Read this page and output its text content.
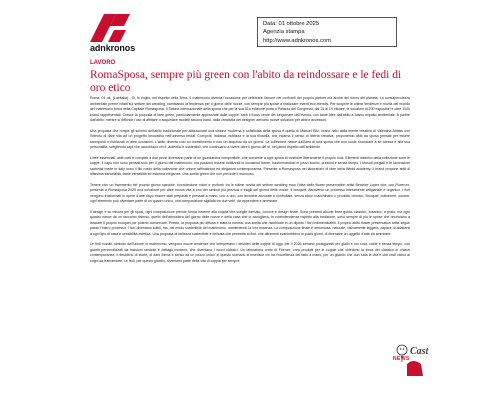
adnkronos
Data: 01 ottobre 2025
Agenzia stampa
http://www.adnkronos.com
LAVORO
RomaSposa, sempre più green con l'abito da reindossare e le fedi di oro etico

Roma, 01 ott. (Labitalia) - Si, lo voglio, nel rispetto della Terra. Il matrimonio diventa l'occasione per celebrare l'amore nei confronti del proprio partner ma anche del futuro del pianeta. La consapevolezza ambientale preme infatti sul settore del wedding, cambiando la tendenza per il giorno delle nozze, con sempre più spose a realizzare eventi eco-friendly. Per scoprire le ultime tendenze e novità del mondo del matrimonio torna nella Capitale Romasposa. Il Salone internazionale della sposa che per la sua 51a edizione porta a Palazzo dei Congressi, dal 15 al 19 ottobre, le soluzioni di 200 espositori e oltre 1000 brand rappresentati. Cresce la proposta di idee green, particolarmente apprezzate dalle coppie: sarà il focus verde del lungomare dell'evento, con tante idee dall'abito a basso impatto ambientale. A partire dall'abito: mentre si diffonde l'uso di affittare o acquistare modelli second hand, dalla creatività dei designer arrivano nuove soluzioni per abiti e accessori.

Una proposta che rompe gli schemi dell'abito tradizionale per abbracciare una visione moderna e sofisticata della sposa è quella di Manuel Ritz, brand nato dalla mente creativa di Valentina Abbiss con l'intento di dare vita ad un progetto innovativo nell'universo bridal. Componi, indossa, riutilizza è la sua filosofia, che incarna il senso di libertà creativa, proponendo abiti da sposa pensati per essere scomposti e riutilizzati in altre occasioni. L'abito diventa così un investimento e non un acquisto da un giorno. La collezione nasce dall'idea di una sposa che non vuole rinunciare a sé stessa e alla sua personalità, scegliendo capi che raccontano chi è, autentici e sostenibili, che continuano a vivere oltre il giorno del sì, nel pieno rispetto dell'ambiente.

Linee essenziali, abiti corti e completi a due pezzi diventano parte di un guardaroba componibile, che consente a ogni sposa di costruire liberamente il proprio look. Elementi distintivi della collezione sono le cappe, il capo non sono pensati solo per il giorno del matrimonio, ma possono essere riutilizzati in occasioni future, trasformandosi in pezzi iconici, preziosi e senza tempo. I tessuti pregiati e le lavorazioni sartoriali made in Italy sono il filo rosso della collezione che unisce raffinatezza ed eleganza contemporanea. Presente a Romasposa nel laboratorio di idee della Wedd academy, il brand propone abiti di altissima sartorialità, facile versatilità ed estrema eleganza. Una scelta green che non prevede il monouso.

Tenere vivo un frammento del proprio giorno speciale, ricordandone colori e profumi: tra le ultime novità del settore wedding ecco l'idea della flower preservation artist Beatrice Lopez che, con Fiorenzo, presenta a Romasposa 2025 una soluzione per dare nuova vita a uno dei simboli più preziosi e fragili del giorno delle nozze, il bouquet. Attraverso un processo interamente artigianale e organico, i fiori vengono trasformati in opere d'arte dopo essere stati preparati e pressati a mano, uno a uno, con tecniche accurate e controllate, senza alcun macchinario o prodotto chimico. Bouquet, bottoniere, corone, ogni elemento può diventare parte di un quadro unico, una composizione sigillata tra due vetri, da appendere e ammirare.

Il design è su misura per gli sposi, ogni composizione prende forma insieme alla coppia che sceglie formato, cornice e design finale. Sono presenti alcune linee guida, classico, botanico, a prato, ma ogni quadro nasce da un racconto diverso, quello dell'atmosfera del giorno delle nozze e della casa che lo accoglierà. In controtendenza rispetto alla tradizione, sono sempre di più le spose che rinunciano a lanciare il proprio bouquet per poterlo conservare. Presto, la proposta più diffusa è stata la mensa: una scelta che racchiude in un dipinto i fiori indimenticabili. Il proprio abito flower preservation artist segue passo l'intero processo, i fiori diventano sottili, ma, nel modo sostenibile del matrimonio, mantenendo la loro essenza. La composizione finale è armoniosa, naturale, visivamente leggera, capace di adattarsi a ogni tipo di casa e sensibilità estetica. Una proposta di bellezza sostenibile e delicata che permette ai fiori, che altrimenti svanirebbero in pochi giorni, di diventare un oggetto d'arte da ammirare.

Le fedi nuziali, simbolo dell'unione in matrimonio, vengono nuove tendenze che interpretano i desideri delle coppie di oggi: per il 2026 tornano protagonisti oro giallo e oro rosa, calde e senza tempo, con gioielli personalizzati da incisioni simbole e dettagli moderni, che diventano i nuovi classici. Un laboratorio orafo di Firenze, crea prodotti per le coppie che chiedono la forza del classico in chiave contemporanea, il desiderio di storie, di dare forma e senso ad un pezzo unico: in questo scenario si inserisce chi ha l'eccellenza del fatto a mano, per un gioiello che duri tutta la vita e che resti vicino ai sogni da tramandare. Le fedi, per questo gioiello, diventano parte della vita di coppia per sempre.

NEWS
Cast
